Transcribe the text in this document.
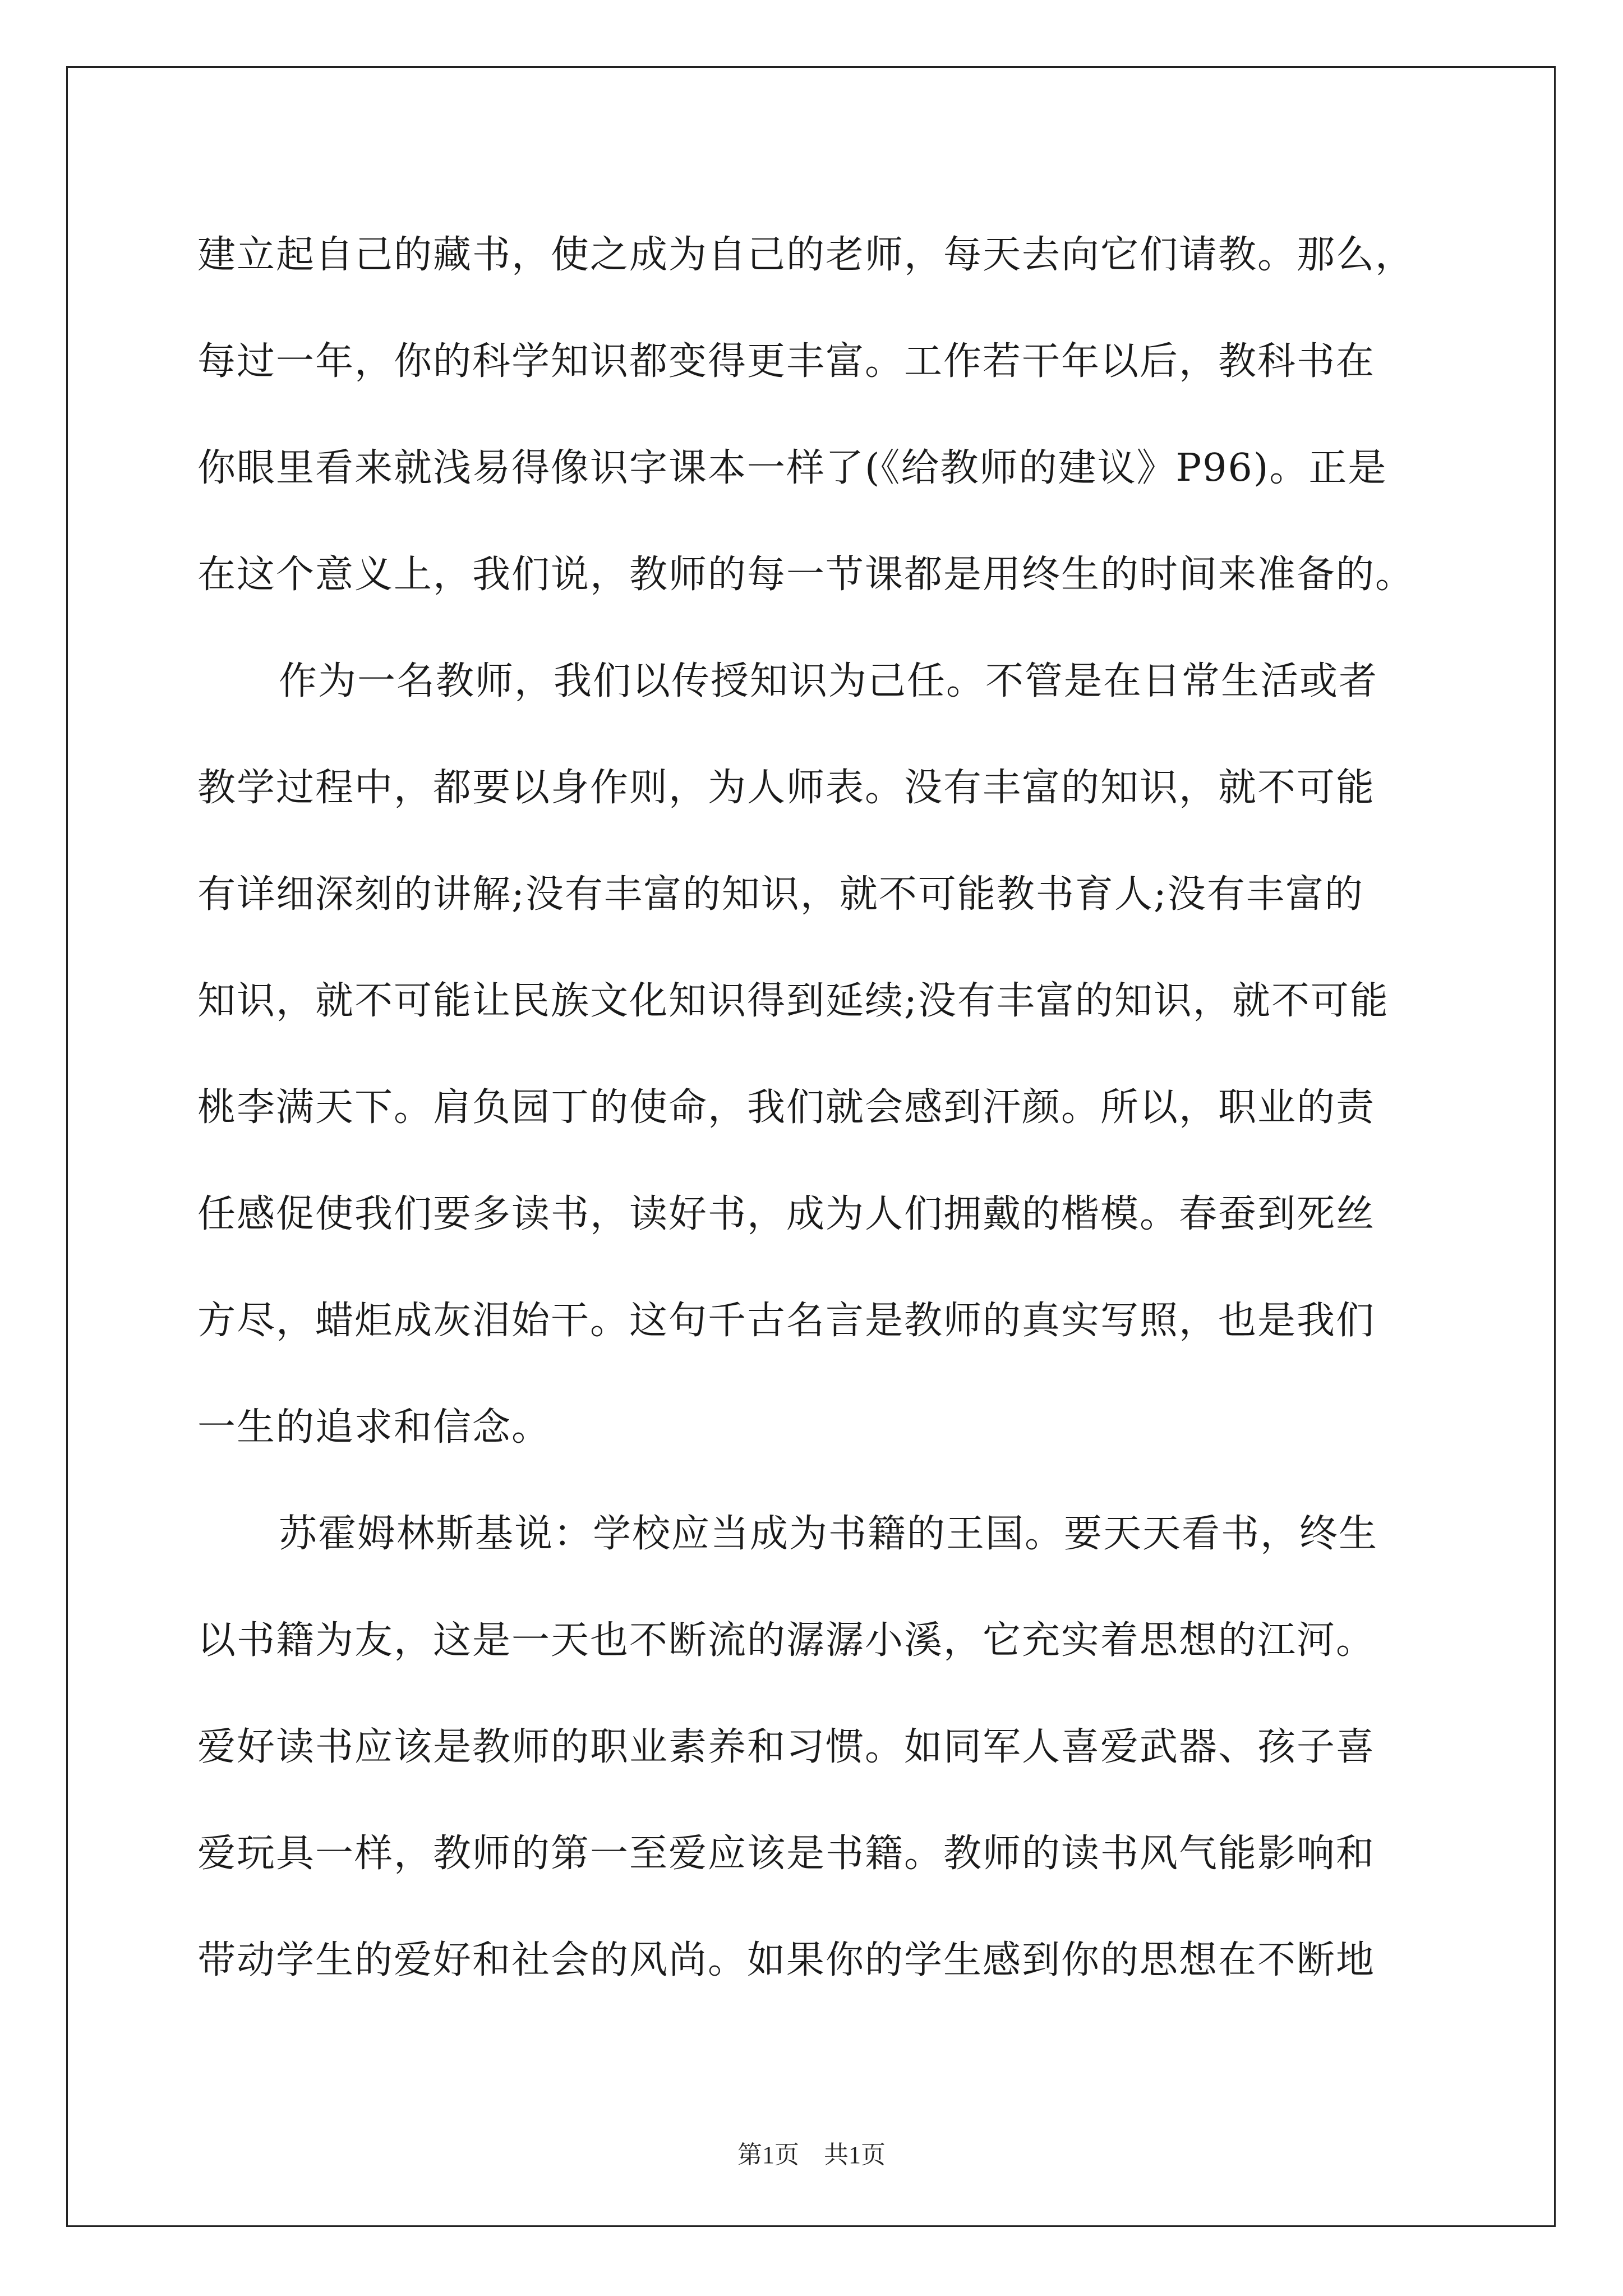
建立起自己的藏书，使之成为自己的老师，每天去向它们请教。那么，
每过一年，你的科学知识都变得更丰富。工作若干年以后，教科书在
你眼里看来就浅易得像识字课本一样了(《给教师的建议》P96)。正是
在这个意义上，我们说，教师的每一节课都是用终生的时间来准备的。
作为一名教师，我们以传授知识为己任。不管是在日常生活或者
教学过程中，都要以身作则，为人师表。没有丰富的知识，就不可能
有详细深刻的讲解;没有丰富的知识，就不可能教书育人;没有丰富的
知识，就不可能让民族文化知识得到延续;没有丰富的知识，就不可能
桃李满天下。肩负园丁的使命，我们就会感到汗颜。所以，职业的责
任感促使我们要多读书，读好书，成为人们拥戴的楷模。春蚕到死丝
方尽，蜡炬成灰泪始干。这句千古名言是教师的真实写照，也是我们
一生的追求和信念。
苏霍姆林斯基说：学校应当成为书籍的王国。要天天看书，终生
以书籍为友，这是一天也不断流的潺潺小溪，它充实着思想的江河。
爱好读书应该是教师的职业素养和习惯。如同军人喜爱武器、孩子喜
爱玩具一样，教师的第一至爱应该是书籍。教师的读书风气能影响和
带动学生的爱好和社会的风尚。如果你的学生感到你的思想在不断地
第1页 共1页
